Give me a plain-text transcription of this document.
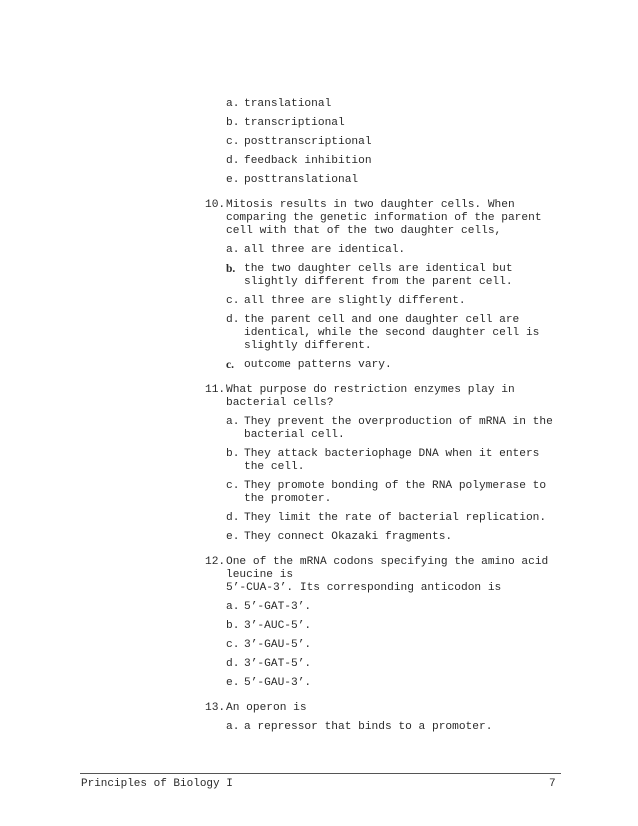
a. translational
b. transcriptional
c. posttranscriptional
d. feedback inhibition
e. posttranslational
10.Mitosis results in two daughter cells. When
comparing the genetic information of the parent
cell with that of the two daughter cells,
a. all three are identical.
b. the two daughter cells are identical but
slightly different from the parent cell.
c. all three are slightly different.
d. the parent cell and one daughter cell are
identical, while the second daughter cell is
slightly different.
c. outcome patterns vary.
11.What purpose do restriction enzymes play in
bacterial cells?
a. They prevent the overproduction of mRNA in the
bacterial cell.
b. They attack bacteriophage DNA when it enters
the cell.
c. They promote bonding of the RNA polymerase to
the promoter.
d. They limit the rate of bacterial replication.
e. They connect Okazaki fragments.
12.One of the mRNA codons specifying the amino acid
leucine is
5’-CUA-3’. Its corresponding anticodon is
a. 5’-GAT-3’.
b. 3’-AUC-5’.
c. 3’-GAU-5’.
d. 3’-GAT-5’.
e. 5’-GAU-3’.
13.An operon is
a. a repressor that binds to a promoter.
Principles of Biology I	7
